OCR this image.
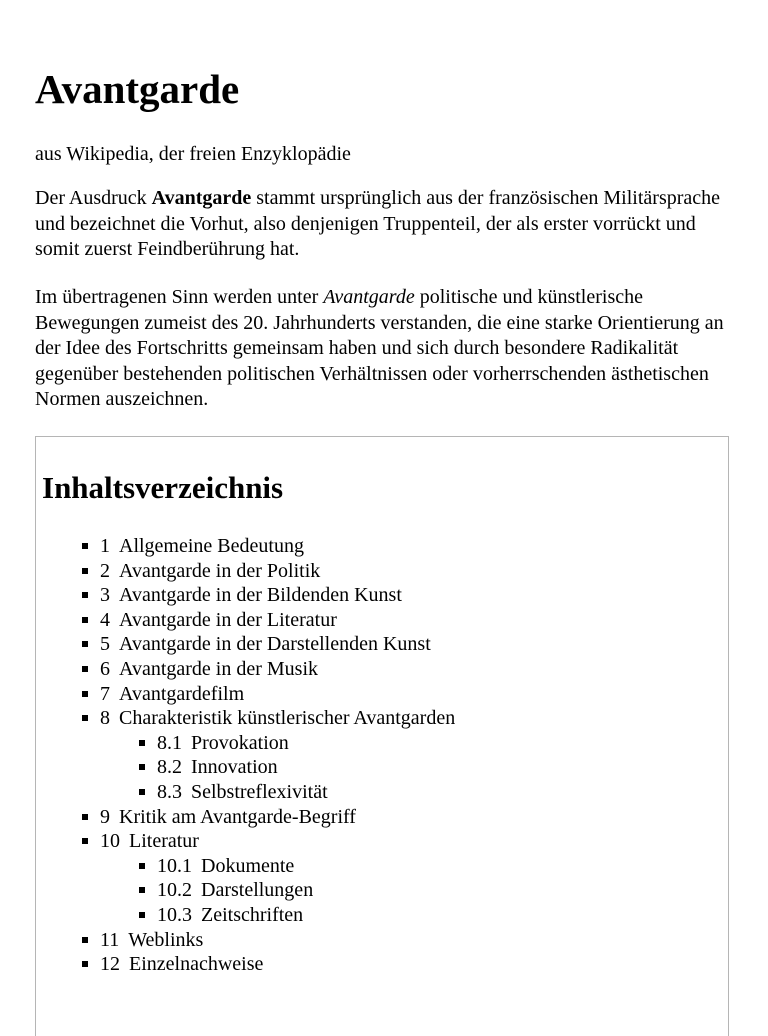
Avantgarde

aus Wikipedia, der freien Enzyklopädie

Der Ausdruck Avantgarde stammt ursprünglich aus der französischen Militärsprache und bezeichnet die Vorhut, also denjenigen Truppenteil, der als erster vorrückt und somit zuerst Feindberührung hat.

Im übertragenen Sinn werden unter Avantgarde politische und künstlerische Bewegungen zumeist des 20. Jahrhunderts verstanden, die eine starke Orientierung an der Idee des Fortschritts gemeinsam haben und sich durch besondere Radikalität gegenüber bestehenden politischen Verhältnissen oder vorherrschenden ästhetischen Normen auszeichnen.

Inhaltsverzeichnis
1 Allgemeine Bedeutung
2 Avantgarde in der Politik
3 Avantgarde in der Bildenden Kunst
4 Avantgarde in der Literatur
5 Avantgarde in der Darstellenden Kunst
6 Avantgarde in der Musik
7 Avantgardefilm
8 Charakteristik künstlerischer Avantgarden
8.1 Provokation
8.2 Innovation
8.3 Selbstreflexivität
9 Kritik am Avantgarde-Begriff
10 Literatur
10.1 Dokumente
10.2 Darstellungen
10.3 Zeitschriften
11 Weblinks
12 Einzelnachweise
